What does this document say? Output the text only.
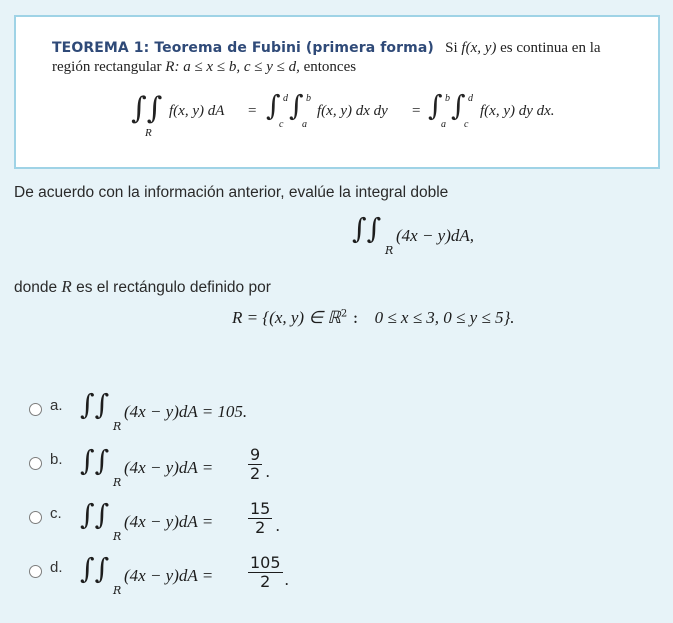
TEOREMA 1: Teorema de Fubini (primera forma) Si f(x, y) es continua en la
región rectangular R: a ≤ x ≤ b, c ≤ y ≤ d, entonces
∫∫
R
f(x, y) dA = ∫ d
c
∫ b
a
f(x, y) dx dy = ∫ b
a
∫ d
c
f(x, y) dy dx.
De acuerdo con la información anterior, evalúe la integral doble
∫∫
R
(4x − y)dA,
donde R es el rectángulo definido por
R = {(x, y) ∈ ℝ$^2$ : 0 ≤ x ≤ 3, 0 ≤ y ≤ 5}.
a. ∫∫
R
(4x − y)dA = 105.
b. ∫∫
R
$(4x - y)dA = \frac{9}{2}$ .
c. ∫∫
R
$(4x - y)dA = \frac{15}{2}$ .
d. ∫∫
R
$(4x - y)dA = \frac{105}{2}$ .
